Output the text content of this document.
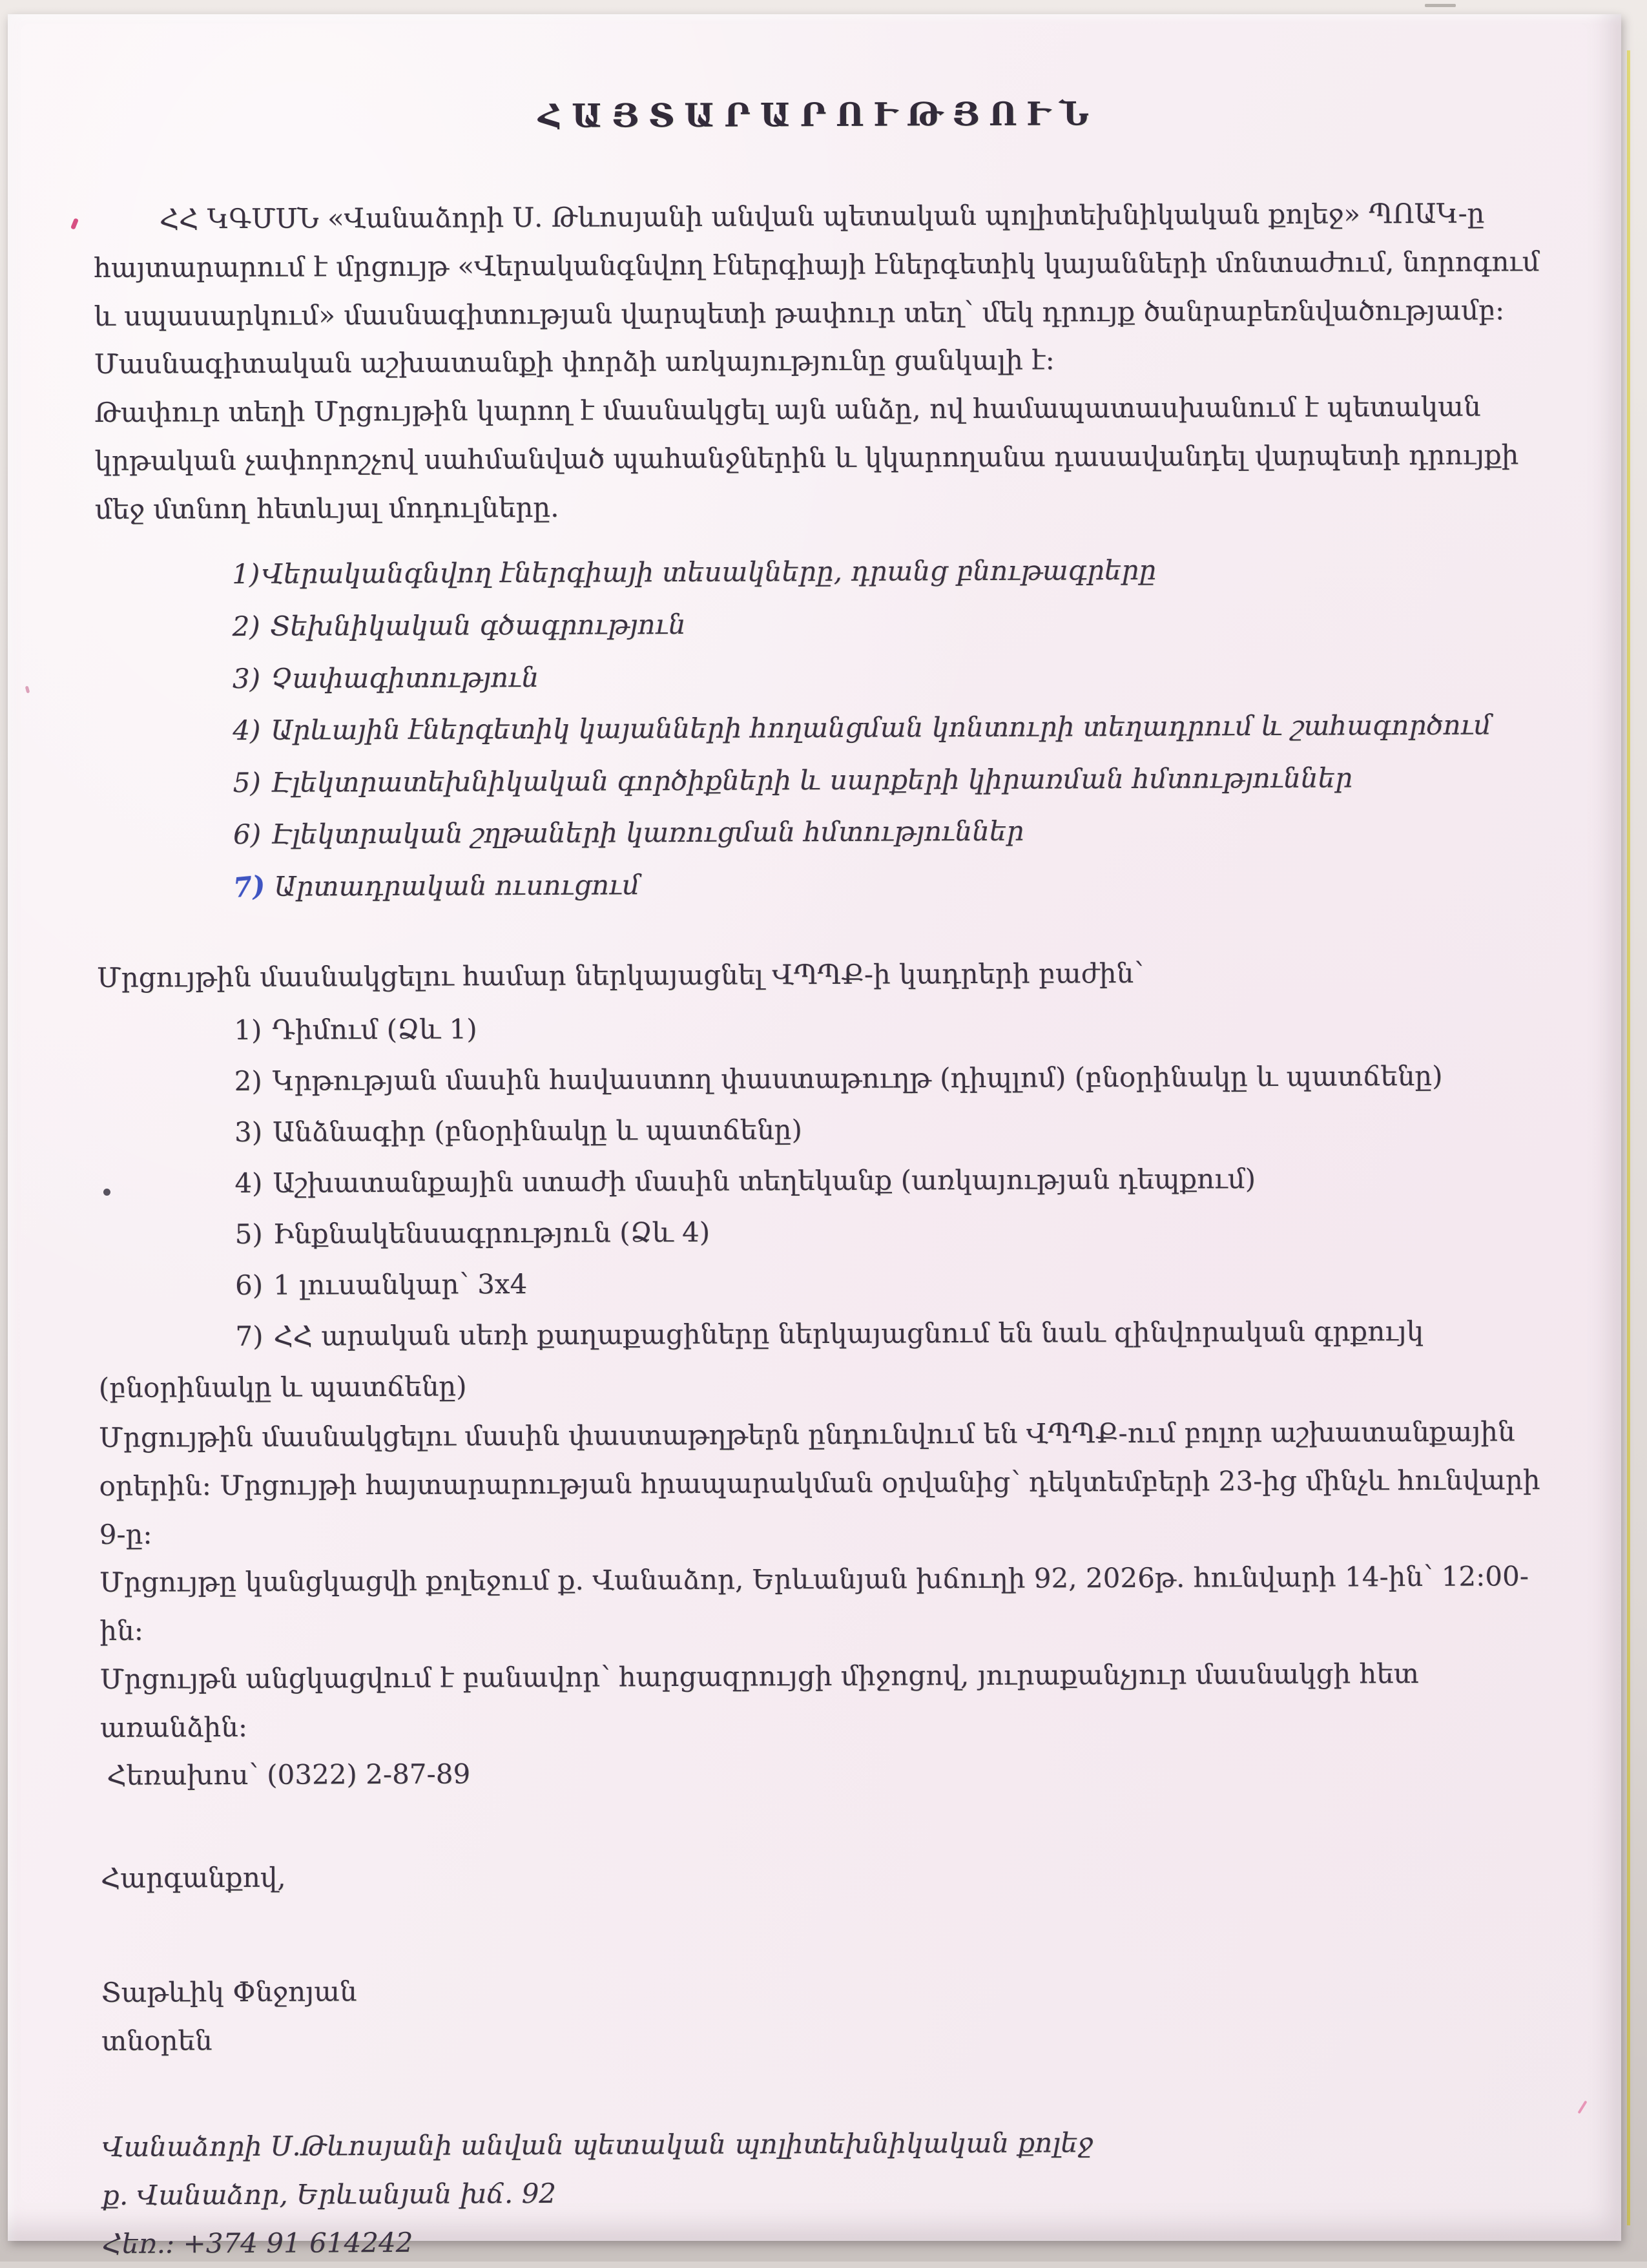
ՀԱՅՏԱՐԱՐՈՒԹՅՈՒՆ

ՀՀ ԿԳՄՍՆ «Վանաձորի Ս. Թևոսյանի անվան պետական պոլիտեխնիկական քոլեջ» ՊՈԱԿ-ը հայտարարում է մրցույթ «Վերականգնվող էներգիայի էներգետիկ կայանների մոնտաժում, նորոգում և սպասարկում» մասնագիտության վարպետի թափուր տեղ՝ մեկ դրույք ծանրաբեռնվածությամբ:

Մասնագիտական աշխատանքի փորձի առկայությունը ցանկալի է:

Թափուր տեղի Մրցույթին կարող է մասնակցել այն անձը, ով համապատասխանում է պետական կրթական չափորոշչով սահմանված պահանջներին և կկարողանա դասավանդել վարպետի դրույքի մեջ մտնող հետևյալ մոդուլները.

1)Վերականգնվող էներգիայի տեսակները, դրանց բնութագրերը
2) Տեխնիկական գծագրություն
3) Չափագիտություն
4) Արևային էներգետիկ կայանների հողանցման կոնտուրի տեղադրում և շահագործում
5) Էլեկտրատեխնիկական գործիքների և սարքերի կիրառման հմտություններ
6) Էլեկտրական շղթաների կառուցման հմտություններ
7) Արտադրական ուսուցում

Մրցույթին մասնակցելու համար ներկայացնել ՎՊՊՔ-ի կադրերի բաժին՝

1) Դիմում (Ձև 1)
2) Կրթության մասին հավաստող փաստաթուղթ (դիպլոմ) (բնօրինակը և պատճենը)
3) Անձնագիր (բնօրինակը և պատճենը)
4) Աշխատանքային ստաժի մասին տեղեկանք (առկայության դեպքում)
5) Ինքնակենսագրություն (Ձև 4)
6) 1 լուսանկար՝ 3x4
7) ՀՀ արական սեռի քաղաքացիները ներկայացնում են նաև զինվորական գրքույկ (բնօրինակը և պատճենը)

Մրցույթին մասնակցելու մասին փաստաթղթերն ընդունվում են ՎՊՊՔ-ում բոլոր աշխատանքային օրերին: Մրցույթի հայտարարության հրապարակման օրվանից՝ դեկտեմբերի 23-ից մինչև հունվարի 9-ը:

Մրցույթը կանցկացվի քոլեջում ք. Վանաձոր, Երևանյան խճուղի 92, 2026թ. հունվարի 14-ին՝ 12:00-ին:

Մրցույթն անցկացվում է բանավոր՝ հարցազրույցի միջոցով, յուրաքանչյուր մասնակցի հետ առանձին:

Հեռախոս՝ (0322) 2-87-89

Հարգանքով,

Տաթևիկ Փնջոյան

տնօրեն

Վանաձորի Ս.Թևոսյանի անվան պետական պոլիտեխնիկական քոլեջ

ք. Վանաձոր, Երևանյան խճ. 92

Հեռ.: +374 91 614242
